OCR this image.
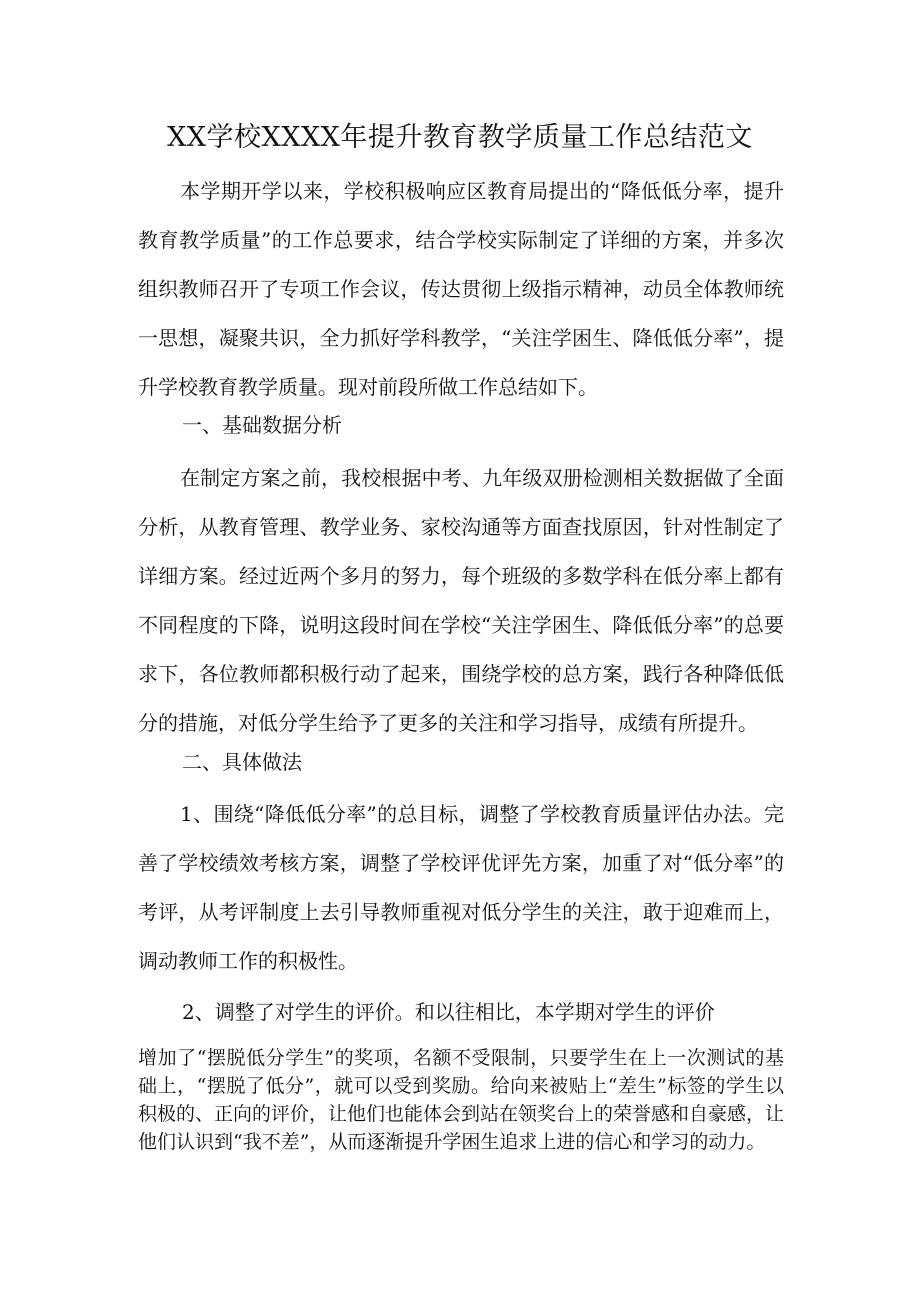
XX学校XXXX年提升教育教学质量工作总结范文

本学期开学以来，学校积极响应区教育局提出的“降低低分率，提升教育教学质量”的工作总要求，结合学校实际制定了详细的方案，并多次组织教师召开了专项工作会议，传达贯彻上级指示精神，动员全体教师统一思想，凝聚共识，全力抓好学科教学，“关注学困生、降低低分率”，提升学校教育教学质量。现对前段所做工作总结如下。

一、基础数据分析

在制定方案之前，我校根据中考、九年级双册检测相关数据做了全面分析，从教育管理、教学业务、家校沟通等方面查找原因，针对性制定了详细方案。经过近两个多月的努力，每个班级的多数学科在低分率上都有不同程度的下降，说明这段时间在学校“关注学困生、降低低分率”的总要求下，各位教师都积极行动了起来，围绕学校的总方案，践行各种降低低分的措施，对低分学生给予了更多的关注和学习指导，成绩有所提升。

二、具体做法

1、围绕“降低低分率”的总目标，调整了学校教育质量评估办法。完善了学校绩效考核方案，调整了学校评优评先方案，加重了对“低分率”的考评，从考评制度上去引导教师重视对低分学生的关注，敢于迎难而上，调动教师工作的积极性。

2、调整了对学生的评价。和以往相比，本学期对学生的评价

增加了“摆脱低分学生”的奖项，名额不受限制，只要学生在上一次测试的基础上，“摆脱了低分”，就可以受到奖励。给向来被贴上“差生”标签的学生以积极的、正向的评价，让他们也能体会到站在领奖台上的荣誉感和自豪感，让他们认识到“我不差”，从而逐渐提升学困生追求上进的信心和学习的动力。
